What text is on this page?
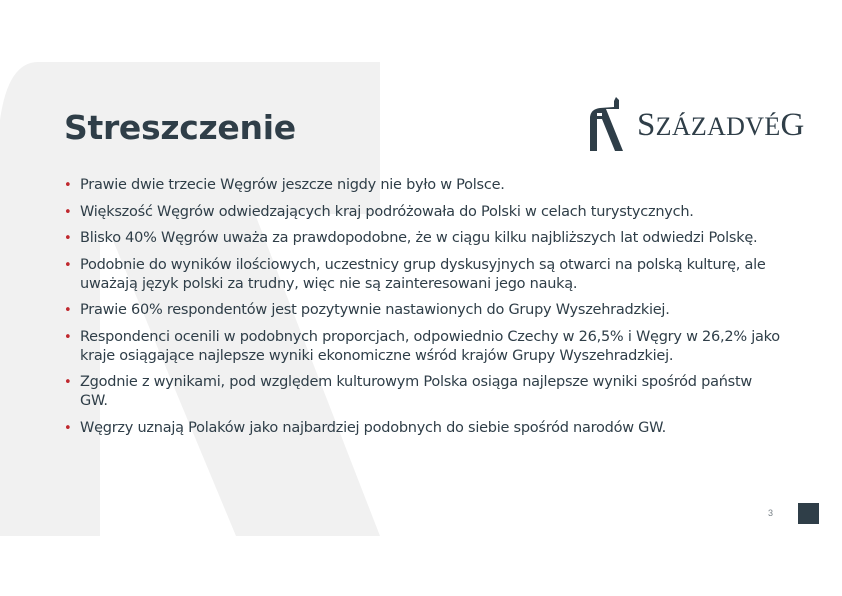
Streszczenie	SZÁZADVÉG
• Prawie dwie trzecie Węgrów jeszcze nigdy nie było w Polsce.
• Większość Węgrów odwiedzających kraj podróżowała do Polski w celach turystycznych.
• Blisko 40% Węgrów uważa za prawdopodobne, że w ciągu kilku najbliższych lat odwiedzi Polskę.
• Podobnie do wyników ilościowych, uczestnicy grup dyskusyjnych są otwarci na polską kulturę, ale uważają język polski za trudny, więc nie są zainteresowani jego nauką.
• Prawie 60% respondentów jest pozytywnie nastawionych do Grupy Wyszehradzkiej.
• Respondenci ocenili w podobnych proporcjach, odpowiednio Czechy w 26,5% i Węgry w 26,2% jako kraje osiągające najlepsze wyniki ekonomiczne wśród krajów Grupy Wyszehradzkiej.
• Zgodnie z wynikami, pod względem kulturowym Polska osiąga najlepsze wyniki spośród państw GW.
• Węgrzy uznają Polaków jako najbardziej podobnych do siebie spośród narodów GW.
3
